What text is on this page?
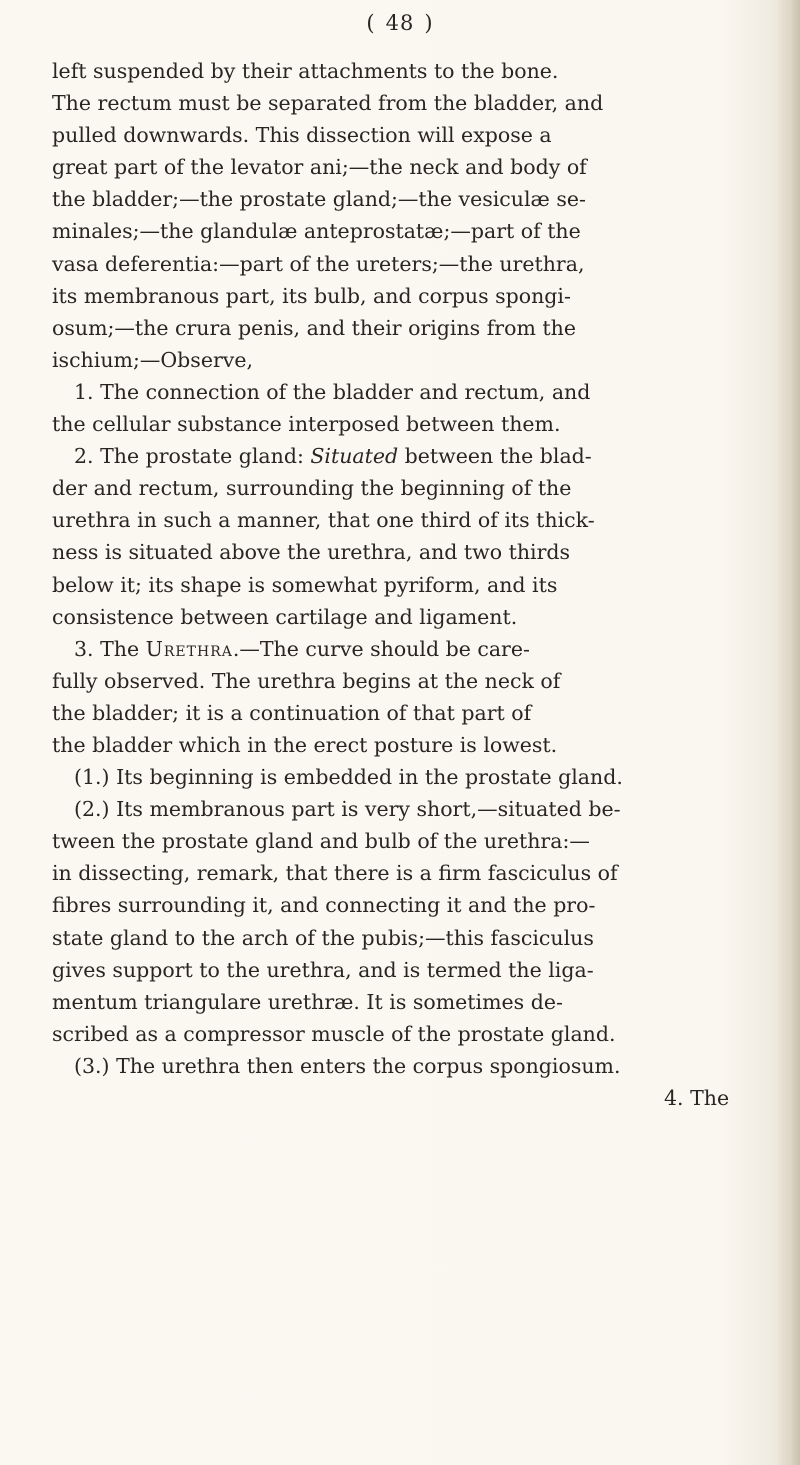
( 48 )
left suspended by their attachments to the bone.
The rectum must be separated from the bladder, and
pulled downwards. This dissection will expose a
great part of the levator ani;—the neck and body of
the bladder;—the prostate gland;—the vesiculæ se-
minales;—the glandulæ anteprostatæ;—part of the
vasa deferentia:—part of the ureters;—the urethra,
its membranous part, its bulb, and corpus spongi-
osum;—the crura penis, and their origins from the
ischium;—Observe,
1. The connection of the bladder and rectum, and
the cellular substance interposed between them.
2. The prostate gland: Situated between the blad-
der and rectum, surrounding the beginning of the
urethra in such a manner, that one third of its thick-
ness is situated above the urethra, and two thirds
below it; its shape is somewhat pyriform, and its
consistence between cartilage and ligament.
3. The Urethra.—The curve should be care-
fully observed. The urethra begins at the neck of
the bladder; it is a continuation of that part of
the bladder which in the erect posture is lowest.
(1.) Its beginning is embedded in the prostate gland.
(2.) Its membranous part is very short,—situated be-
tween the prostate gland and bulb of the urethra:—
in dissecting, remark, that there is a firm fasciculus of
fibres surrounding it, and connecting it and the pro-
state gland to the arch of the pubis;—this fasciculus
gives support to the urethra, and is termed the liga-
mentum triangulare urethræ. It is sometimes de-
scribed as a compressor muscle of the prostate gland.
(3.) The urethra then enters the corpus spongiosum.
4. The
